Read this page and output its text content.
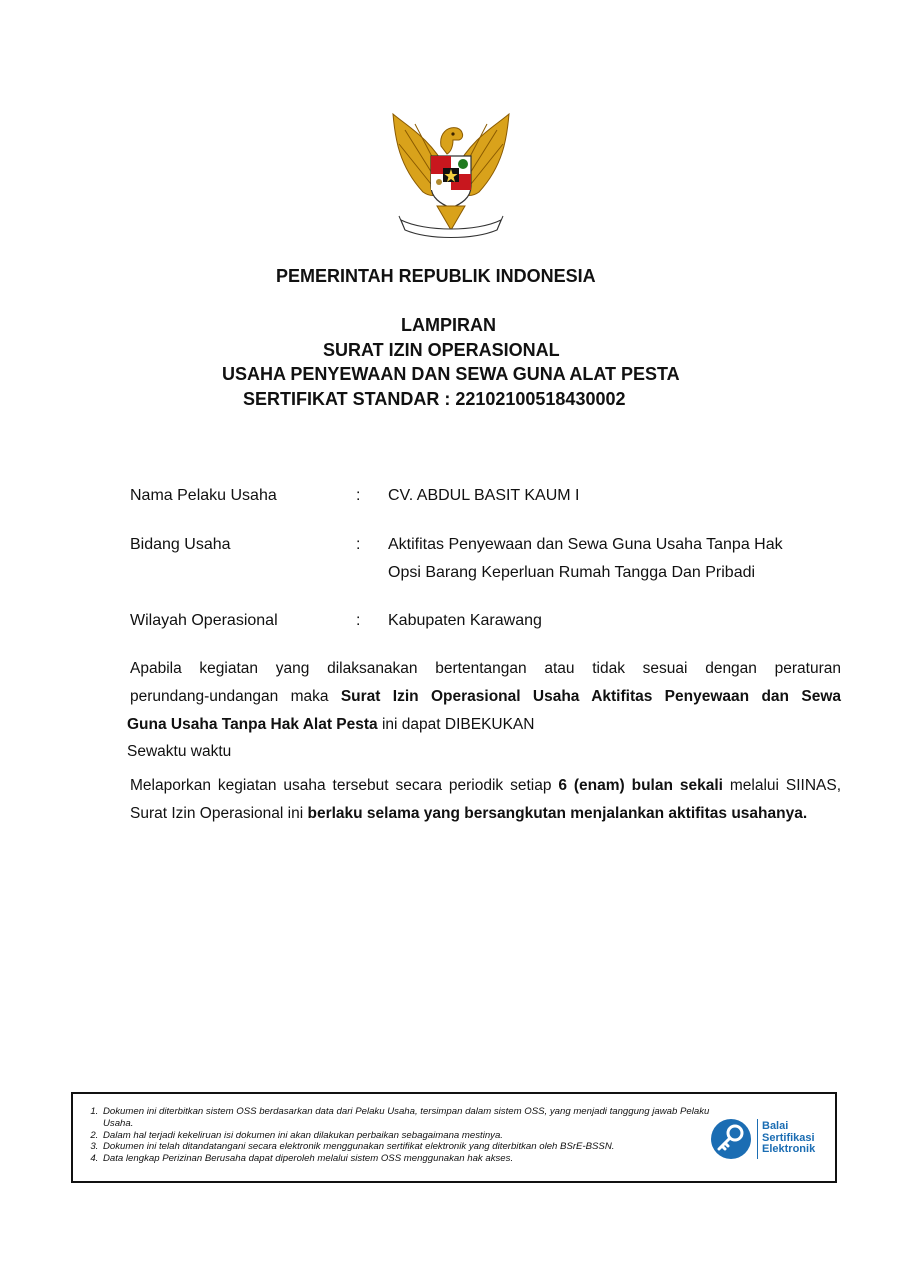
PEMERINTAH REPUBLIK INDONESIA
LAMPIRAN
SURAT IZIN OPERASIONAL
USAHA PENYEWAAN DAN SEWA GUNA ALAT PESTA
SERTIFIKAT STANDAR : 22102100518430002
Nama Pelaku Usaha	: CV. ABDUL BASIT KAUM I
Bidang Usaha	: Aktifitas Penyewaan dan Sewa Guna Usaha Tanpa Hak
Opsi Barang Keperluan Rumah Tangga Dan Pribadi
Wilayah Operasional	: Kabupaten Karawang
Apabila kegiatan yang dilaksanakan bertentangan atau tidak sesuai dengan peraturan
perundang-undangan maka Surat Izin Operasional Usaha Aktifitas Penyewaan dan Sewa
Guna Usaha Tanpa Hak Alat Pesta ini dapat DIBEKUKAN
Sewaktu waktu
Melaporkan kegiatan usaha tersebut secara periodik setiap 6 (enam) bulan sekali melalui SIINAS, Surat Izin Operasional ini berlaku selama yang bersangkutan menjalankan aktifitas usahanya.
1. Dokumen ini diterbitkan sistem OSS berdasarkan data dari Pelaku Usaha, tersimpan dalam sistem OSS, yang menjadi tanggung jawab Pelaku Usaha.
2. Dalam hal terjadi kekeliruan isi dokumen ini akan dilakukan perbaikan sebagaimana mestinya.
3. Dokumen ini telah ditandatangani secara elektronik menggunakan sertifikat elektronik yang diterbitkan oleh BSrE-BSSN.
4. Data lengkap Perizinan Berusaha dapat diperoleh melalui sistem OSS menggunakan hak akses.
Balai
Sertifikasi
Elektronik
